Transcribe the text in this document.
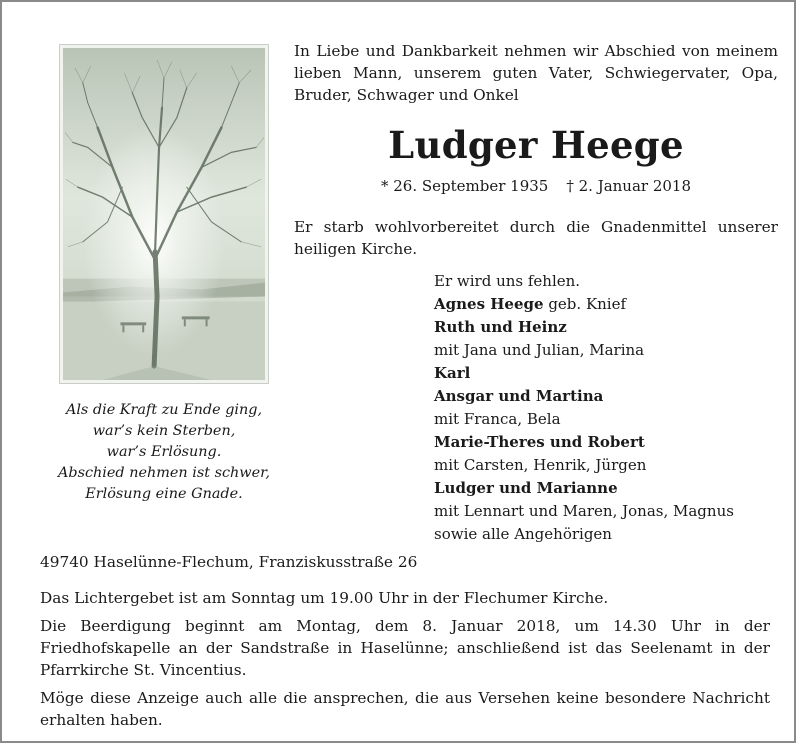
Als die Kraft zu Ende ging,
war’s kein Sterben,
war’s Erlösung.
Abschied nehmen ist schwer,
Erlösung eine Gnade.
In Liebe und Dankbarkeit nehmen wir Abschied von meinem lieben Mann, unserem guten Vater, Schwiegervater, Opa, Bruder, Schwager und Onkel
Ludger Heege
* 26. September 1935 † 2. Januar 2018
Er starb wohlvorbereitet durch die Gnadenmittel unserer heiligen Kirche.
Er wird uns fehlen.
Agnes Heege geb. Knief
Ruth und Heinz
mit Jana und Julian, Marina
Karl
Ansgar und Martina
mit Franca, Bela
Marie-Theres und Robert
mit Carsten, Henrik, Jürgen
Ludger und Marianne
mit Lennart und Maren, Jonas, Magnus
sowie alle Angehörigen
49740 Haselünne-Flechum, Franziskusstraße 26
Das Lichtergebet ist am Sonntag um 19.00 Uhr in der Flechumer Kirche.
Die Beerdigung beginnt am Montag, dem 8. Januar 2018, um 14.30 Uhr in der Friedhofskapelle an der Sandstraße in Haselünne; anschließend ist das Seelenamt in der Pfarrkirche St. Vincentius.
Möge diese Anzeige auch alle die ansprechen, die aus Versehen keine besondere Nachricht erhalten haben.
